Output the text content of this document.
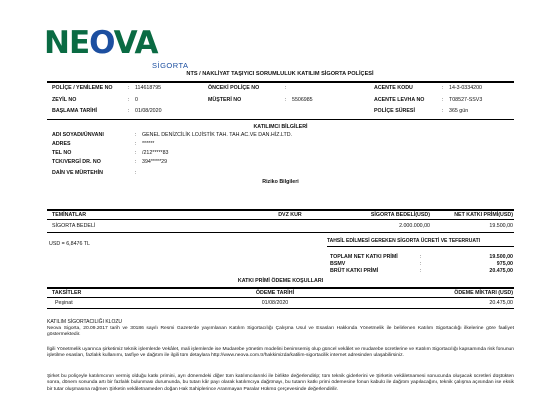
NEOVA
SİGORTA
NTS / NAKLİYAT TAŞIYICI SORUMLULUK KATILIM SİGORTA POLİÇESİ
POLİÇE / YENİLEME NO	: 114618795	ÖNCEKİ POLİÇE NO	:	ACENTE KODU	: 14-3-0334200
ZEYİL NO	: 0	MÜŞTERİ NO	: 5506985	ACENTE LEVHA NO	: T08527-SSV3
BAŞLAMA TARİHİ	: 01/08/2020	POLİÇE SÜRESİ	: 365 gün
KATILIMCI BİLGİLERİ
ADI SOYADI/ÜNVANI	: GENEL DENİZCİLİK LOJİSTİK TAH. TAH.AC.VE DAN.HİZ.LTD.
ADRES	: ******
TEL NO	: /212*****83
TCK/VERGİ DR. NO	: 394*****29
DAİN VE MÜRTEHİN	:
Riziko Bilgileri
TEMİNATLAR	DVZ KUR	SİGORTA BEDELİ(USD)	NET KATKI PRİMİ(USD)
SİGORTA BEDELİ	2.000.000,00	19.500,00
USD = 6,8476 TL	TAHSİL EDİLMESİ GEREKEN SİGORTA ÜCRETİ VE TEFERRUATI
TOPLAM NET KATKI PRİMİ	:	19.500,00
BSMV	:	975,00
BRÜT KATKI PRİMİ	:	20.475,00
KATKI PRİMİ ÖDEME KOŞULLARI
TAKSİTLER	ÖDEME TARİHİ	ÖDEME MİKTARI (USD)
Peşinat	01/08/2020	20.475,00
KATILIM SİGORTACILIĞI KLOZU
Neova Sigorta, 20.09.2017 tarih ve 30186 sayılı Resmi Gazete'de yayımlanan Katılım Sigortacılığı Çalışma Usul ve Esasları Hakkında Yönetmelik ile belirlenen Katılım Sigortacılığı ilkelerine göre faaliyet göstermektedir.
İlgili Yönetmelik uyarınca şirketimiz teknik işlemlerde Vekâlet, mali işlemlerde ise Mudarebe yönetim modelini benimsemiş olup güncel vekâlet ve mudarebe ücretlerine ve Katılım Sigortacılığı kapsamında risk fonunun işletilme esasları, fazlalık kullanımı, tasfiye ve dağıtım ile ilgili tüm detaylara http://www.neova.com.tr/hakkimizda/katilim-sigortacilik internet adresinden ulaşabilirsiniz.
Şirket bu poliçeyle katılımcının vermiş olduğu katkı primini, ayrı dönemdeki diğer tüm katılımcılarınki ile birlikte değerlendirip; tüm teknik giderlerini ve Şirketin vekâletnamesi sonucunda oluşacak ücretleri düştükten sonra, dönem sonunda artı bir fazlalık bulunması durumunda, bu tutarı kâr payı olarak katılımcıya dağıtmayı, bu tutarın katkı primi ödemesine fonun kabulü ile dağıtım yapılacağını, teknik çalışma açısından ise eksik bir tutar oluşmasına rağmen Şirketin vekâletnameden doğan Hak Sahiplerince Aranmayan Paralar Hükmü çerçevesinde değerlendirilir.
